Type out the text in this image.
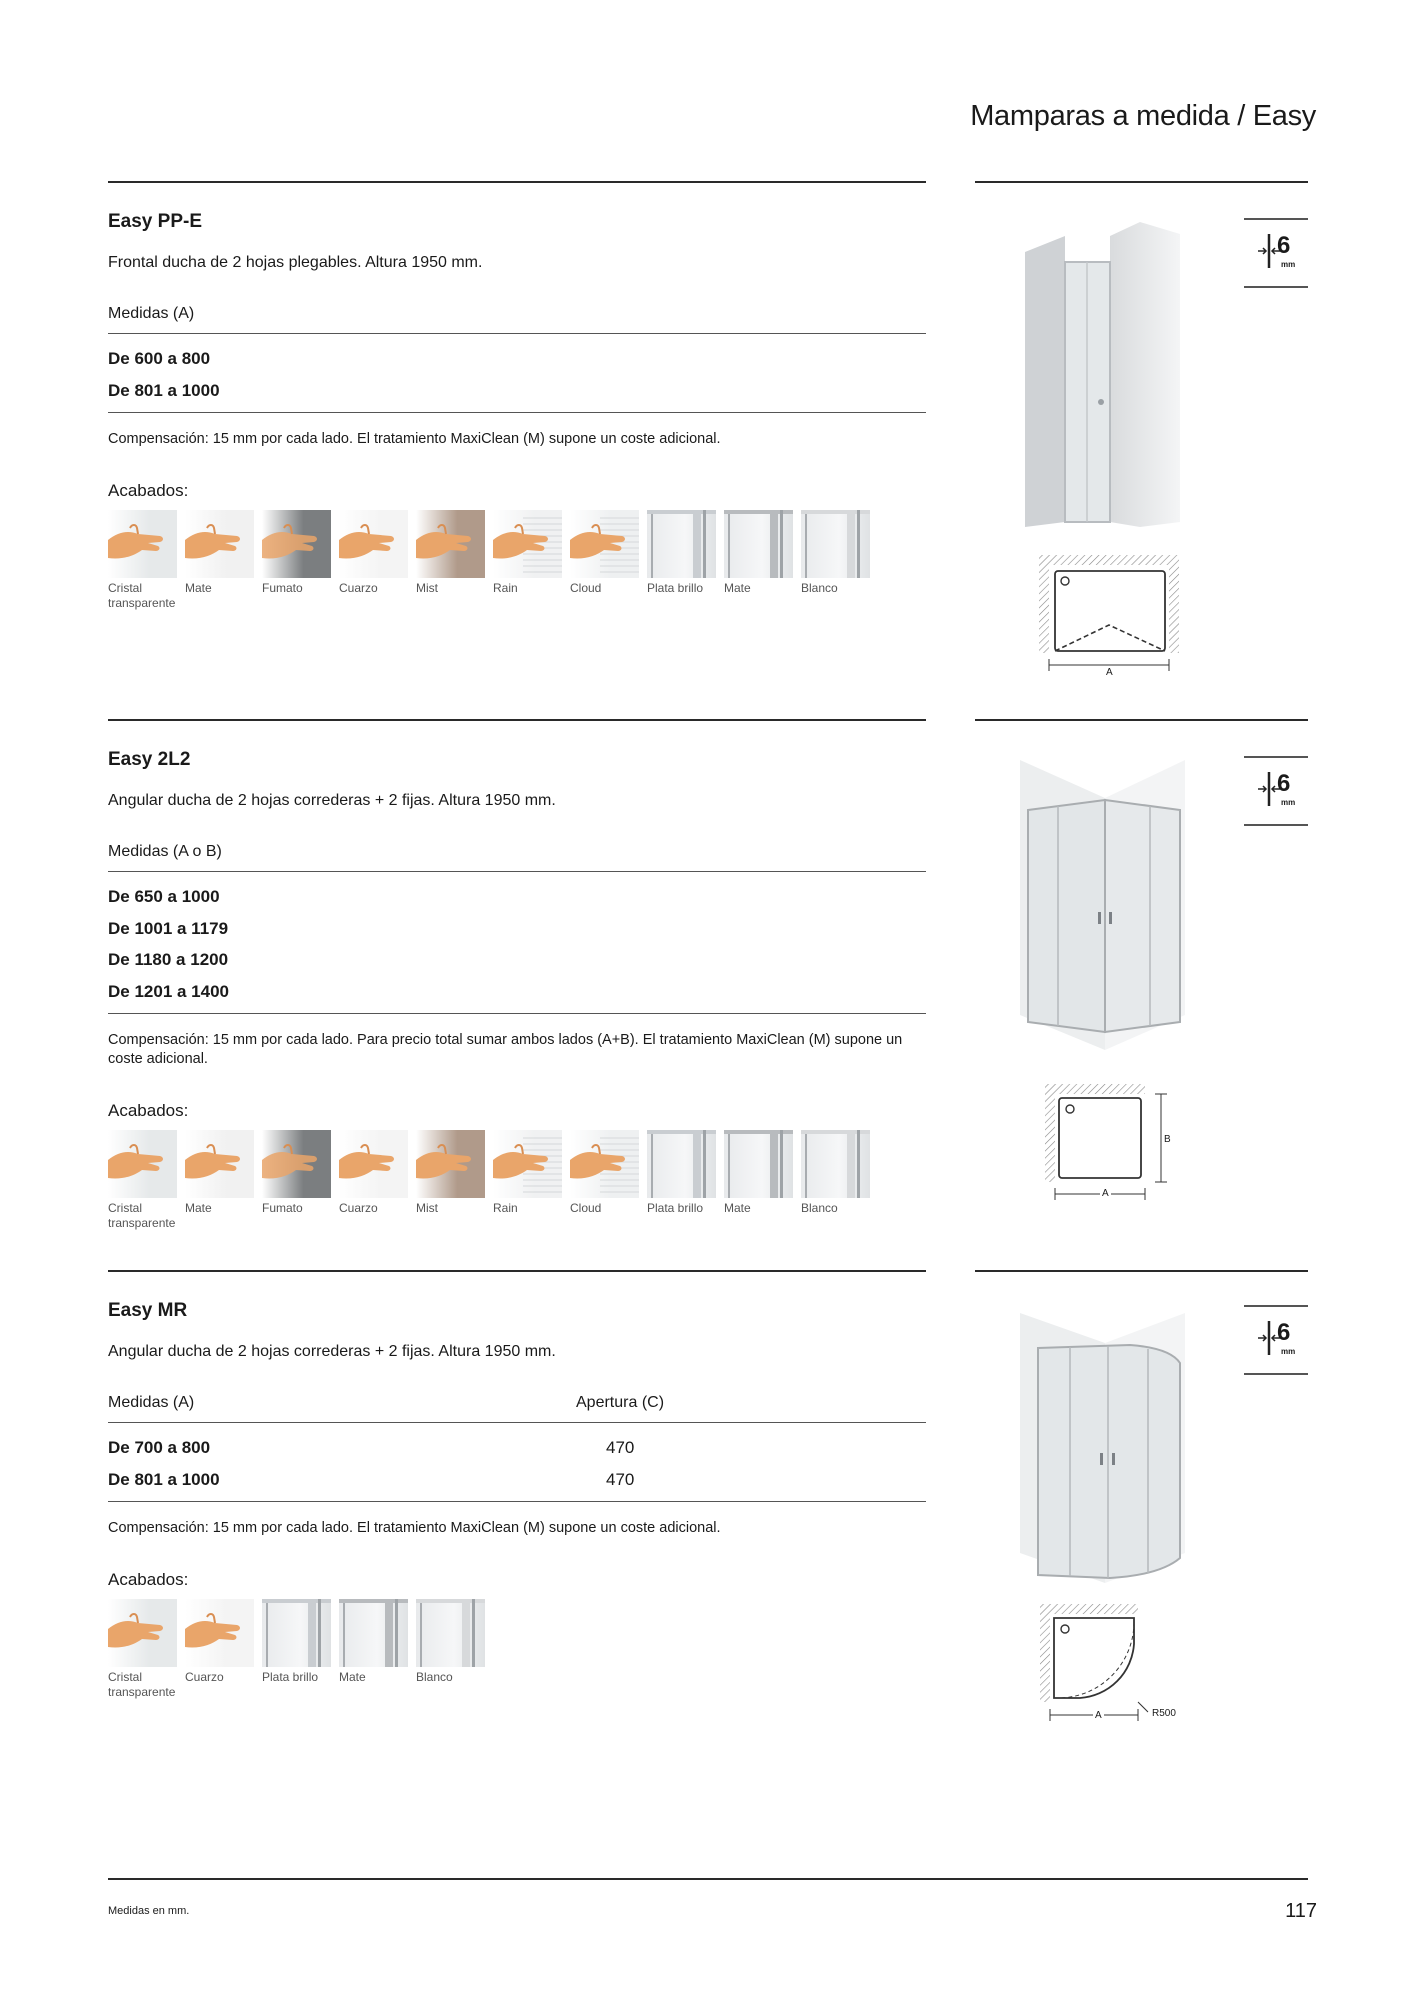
Mamparas a medida / Easy
Easy PP-E
Frontal ducha de 2 hojas plegables. Altura 1950 mm.
Medidas (A)
De 600 a 800
De 801 a 1000
Compensación: 15 mm por cada lado. El tratamiento MaxiClean (M) supone un coste adicional.
Acabados:
Cristal transparente
Mate	Fumato	Cuarzo	Mist	Rain	Cloud	Plata brillo	Mate	Blanco
A
6
mm
Easy 2L2
Angular ducha de 2 hojas correderas + 2 fijas. Altura 1950 mm.
Medidas (A o B)
De 650 a 1000
De 1001 a 1179
De 1180 a 1200
De 1201 a 1400
Compensación: 15 mm por cada lado. Para precio total sumar ambos lados (A+B). El tratamiento MaxiClean (M) supone un coste adicional.
Acabados:
Cristal transparente
Mate	Fumato	Cuarzo	Mist	Rain	Cloud	Plata brillo	Mate	Blanco
A
B
6
mm
Easy MR
Angular ducha de 2 hojas correderas + 2 fijas. Altura 1950 mm.
Medidas (A)	Apertura (C)
De 700 a 800	470
De 801 a 1000	470
Compensación: 15 mm por cada lado. El tratamiento MaxiClean (M) supone un coste adicional.
Acabados:
Cristal transparente
Cuarzo	Plata brillo	Mate	Blanco
A	R500
6
mm
Medidas en mm.	117
